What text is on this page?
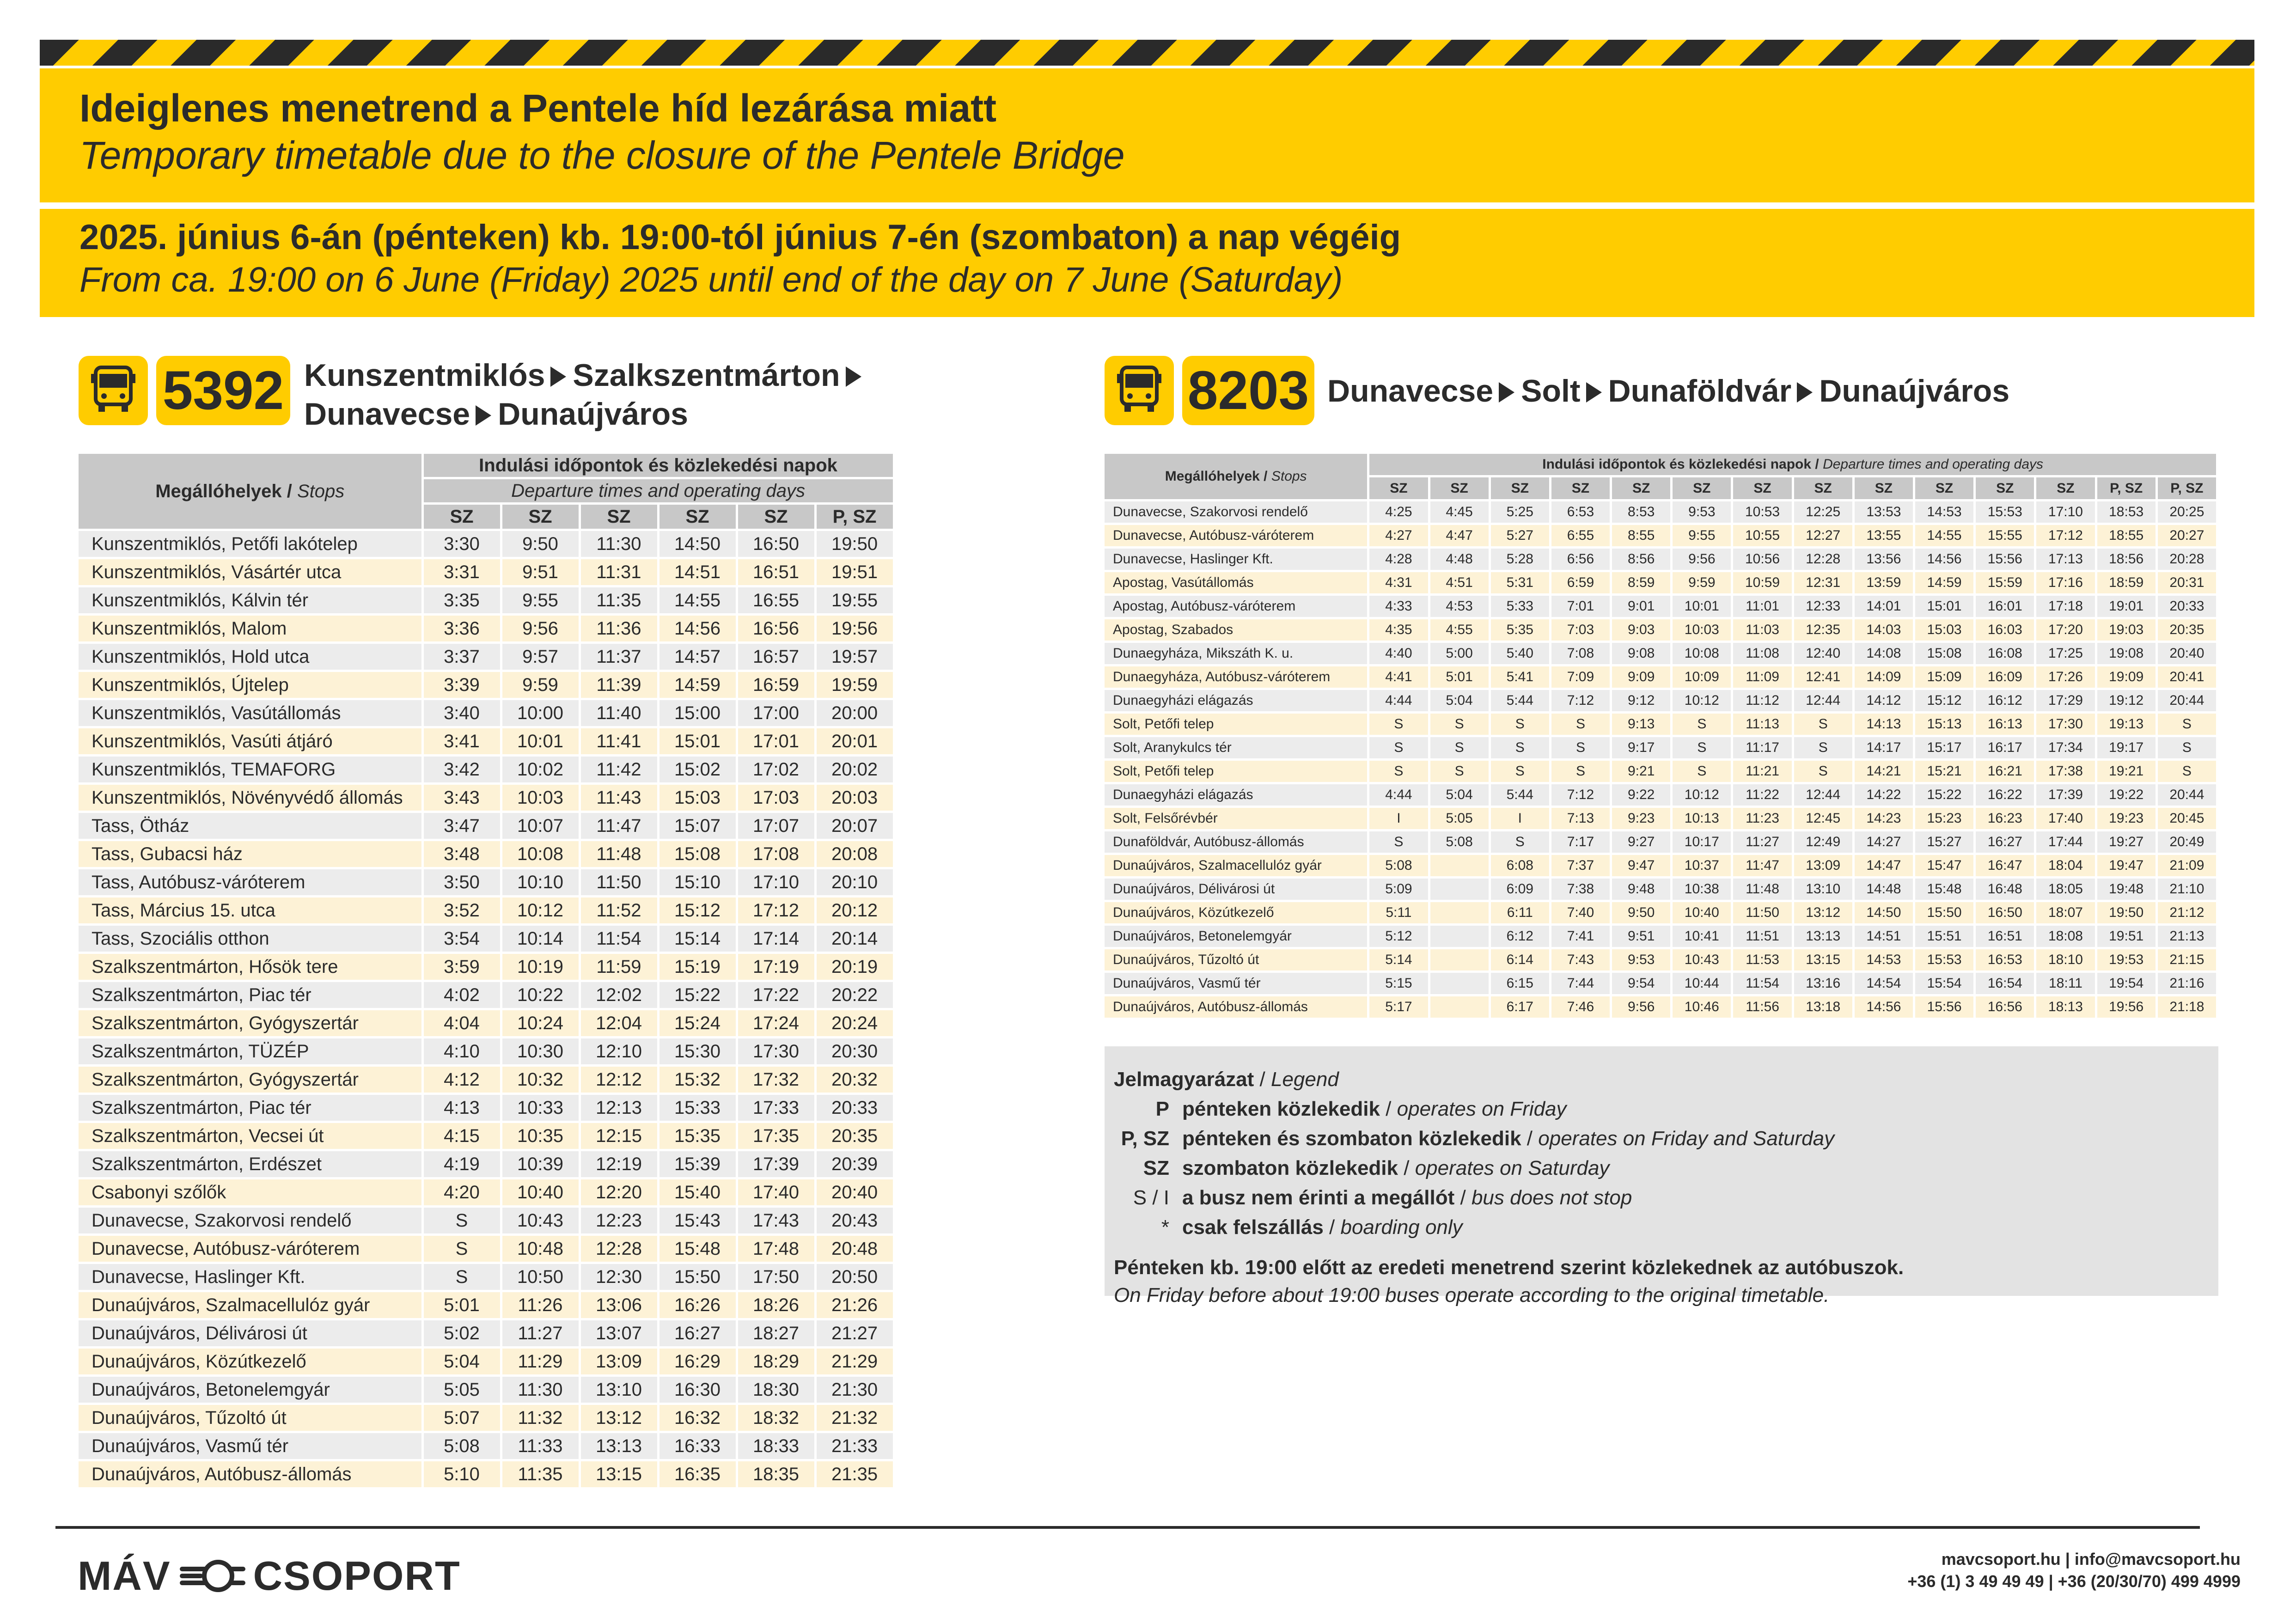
Ideiglenes menetrend a Pentele híd lezárása miatt
Temporary timetable due to the closure of the Pentele Bridge
2025. június 6-án (pénteken) kb. 19:00-tól június 7-én (szombaton) a nap végéig
From ca. 19:00 on 6 June (Friday) 2025 until end of the day on 7 June (Saturday)
5392 Kunszentmiklós Szalkszentmárton
Dunavecse Dunaújváros	8203 Dunavecse Solt Dunaföldvár Dunaújváros
Megállóhelyek / Stops	Indulási időpontok és közlekedési napok					
	Departure times and operating days					
	SZ	SZ	SZ	SZ	SZ	P, SZ
Kunszentmiklós, Petőfi lakótelep	3:30	9:50	11:30	14:50	16:50	19:50
Kunszentmiklós, Vásártér utca	3:31	9:51	11:31	14:51	16:51	19:51
Kunszentmiklós, Kálvin tér	3:35	9:55	11:35	14:55	16:55	19:55
Kunszentmiklós, Malom	3:36	9:56	11:36	14:56	16:56	19:56
Kunszentmiklós, Hold utca	3:37	9:57	11:37	14:57	16:57	19:57
Kunszentmiklós, Újtelep	3:39	9:59	11:39	14:59	16:59	19:59
Kunszentmiklós, Vasútállomás	3:40	10:00	11:40	15:00	17:00	20:00
Kunszentmiklós, Vasúti átjáró	3:41	10:01	11:41	15:01	17:01	20:01
Kunszentmiklós, TEMAFORG	3:42	10:02	11:42	15:02	17:02	20:02
Kunszentmiklós, Növényvédő állomás	3:43	10:03	11:43	15:03	17:03	20:03
Tass, Ötház	3:47	10:07	11:47	15:07	17:07	20:07
Tass, Gubacsi ház	3:48	10:08	11:48	15:08	17:08	20:08
Tass, Autóbusz-váróterem	3:50	10:10	11:50	15:10	17:10	20:10
Tass, Március 15. utca	3:52	10:12	11:52	15:12	17:12	20:12
Tass, Szociális otthon	3:54	10:14	11:54	15:14	17:14	20:14
Szalkszentmárton, Hősök tere	3:59	10:19	11:59	15:19	17:19	20:19
Szalkszentmárton, Piac tér	4:02	10:22	12:02	15:22	17:22	20:22
Szalkszentmárton, Gyógyszertár	4:04	10:24	12:04	15:24	17:24	20:24
Szalkszentmárton, TÜZÉP	4:10	10:30	12:10	15:30	17:30	20:30
Szalkszentmárton, Gyógyszertár	4:12	10:32	12:12	15:32	17:32	20:32
Szalkszentmárton, Piac tér	4:13	10:33	12:13	15:33	17:33	20:33
Szalkszentmárton, Vecsei út	4:15	10:35	12:15	15:35	17:35	20:35
Szalkszentmárton, Erdészet	4:19	10:39	12:19	15:39	17:39	20:39
Csabonyi szőlők	4:20	10:40	12:20	15:40	17:40	20:40
Dunavecse, Szakorvosi rendelő	S	10:43	12:23	15:43	17:43	20:43
Dunavecse, Autóbusz-váróterem	S	10:48	12:28	15:48	17:48	20:48
Dunavecse, Haslinger Kft.	S	10:50	12:30	15:50	17:50	20:50
Dunaújváros, Szalmacellulóz gyár	5:01	11:26	13:06	16:26	18:26	21:26
Dunaújváros, Délivárosi út	5:02	11:27	13:07	16:27	18:27	21:27
Dunaújváros, Közútkezelő	5:04	11:29	13:09	16:29	18:29	21:29
Dunaújváros, Betonelemgyár	5:05	11:30	13:10	16:30	18:30	21:30
Dunaújváros, Tűzoltó út	5:07	11:32	13:12	16:32	18:32	21:32
Dunaújváros, Vasmű tér	5:08	11:33	13:13	16:33	18:33	21:33
Dunaújváros, Autóbusz-állomás	5:10	11:35	13:15	16:35	18:35	21:35
Megállóhelyek / Stops	Indulási időpontok és közlekedési napok / Departure times and operating days													
	SZ	SZ	SZ	SZ	SZ	SZ	SZ	SZ	SZ	SZ	SZ	SZ	P, SZ	P, SZ
Dunavecse, Szakorvosi rendelő	4:25	4:45	5:25	6:53	8:53	9:53	10:53	12:25	13:53	14:53	15:53	17:10	18:53	20:25
Dunavecse, Autóbusz-váróterem	4:27	4:47	5:27	6:55	8:55	9:55	10:55	12:27	13:55	14:55	15:55	17:12	18:55	20:27
Dunavecse, Haslinger Kft.	4:28	4:48	5:28	6:56	8:56	9:56	10:56	12:28	13:56	14:56	15:56	17:13	18:56	20:28
Apostag, Vasútállomás	4:31	4:51	5:31	6:59	8:59	9:59	10:59	12:31	13:59	14:59	15:59	17:16	18:59	20:31
Apostag, Autóbusz-váróterem	4:33	4:53	5:33	7:01	9:01	10:01	11:01	12:33	14:01	15:01	16:01	17:18	19:01	20:33
Apostag, Szabados	4:35	4:55	5:35	7:03	9:03	10:03	11:03	12:35	14:03	15:03	16:03	17:20	19:03	20:35
Dunaegyháza, Mikszáth K. u.	4:40	5:00	5:40	7:08	9:08	10:08	11:08	12:40	14:08	15:08	16:08	17:25	19:08	20:40
Dunaegyháza, Autóbusz-váróterem	4:41	5:01	5:41	7:09	9:09	10:09	11:09	12:41	14:09	15:09	16:09	17:26	19:09	20:41
Dunaegyházi elágazás	4:44	5:04	5:44	7:12	9:12	10:12	11:12	12:44	14:12	15:12	16:12	17:29	19:12	20:44
Solt, Petőfi telep	S	S	S	S	9:13	S	11:13	S	14:13	15:13	16:13	17:30	19:13	S
Solt, Aranykulcs tér	S	S	S	S	9:17	S	11:17	S	14:17	15:17	16:17	17:34	19:17	S
Solt, Petőfi telep	S	S	S	S	9:21	S	11:21	S	14:21	15:21	16:21	17:38	19:21	S
Dunaegyházi elágazás	4:44	5:04	5:44	7:12	9:22	10:12	11:22	12:44	14:22	15:22	16:22	17:39	19:22	20:44
Solt, Felsőrévbér	I	5:05	I	7:13	9:23	10:13	11:23	12:45	14:23	15:23	16:23	17:40	19:23	20:45
Dunaföldvár, Autóbusz-állomás	S	5:08	S	7:17	9:27	10:17	11:27	12:49	14:27	15:27	16:27	17:44	19:27	20:49
Dunaújváros, Szalmacellulóz gyár	5:08		6:08	7:37	9:47	10:37	11:47	13:09	14:47	15:47	16:47	18:04	19:47	21:09
Dunaújváros, Délivárosi út	5:09		6:09	7:38	9:48	10:38	11:48	13:10	14:48	15:48	16:48	18:05	19:48	21:10
Dunaújváros, Közútkezelő	5:11		6:11	7:40	9:50	10:40	11:50	13:12	14:50	15:50	16:50	18:07	19:50	21:12
Dunaújváros, Betonelemgyár	5:12		6:12	7:41	9:51	10:41	11:51	13:13	14:51	15:51	16:51	18:08	19:51	21:13
Dunaújváros, Tűzoltó út	5:14		6:14	7:43	9:53	10:43	11:53	13:15	14:53	15:53	16:53	18:10	19:53	21:15
Dunaújváros, Vasmű tér	5:15		6:15	7:44	9:54	10:44	11:54	13:16	14:54	15:54	16:54	18:11	19:54	21:16
Dunaújváros, Autóbusz-állomás	5:17		6:17	7:46	9:56	10:46	11:56	13:18	14:56	15:56	16:56	18:13	19:56	21:18
Jelmagyarázat / Legend
P pénteken közlekedik / operates on Friday
P, SZ pénteken és szombaton közlekedik / operates on Friday and Saturday
SZ szombaton közlekedik / operates on Saturday
S / I a busz nem érinti a megállót / bus does not stop
* csak felszállás / boarding only
Pénteken kb. 19:00 előtt az eredeti menetrend szerint közlekednek az autóbuszok.
On Friday before about 19:00 buses operate according to the original timetable.
MÁV CSOPORT	mavcsoport.hu | info@mavcsoport.hu
+36 (1) 3 49 49 49 | +36 (20/30/70) 499 4999
